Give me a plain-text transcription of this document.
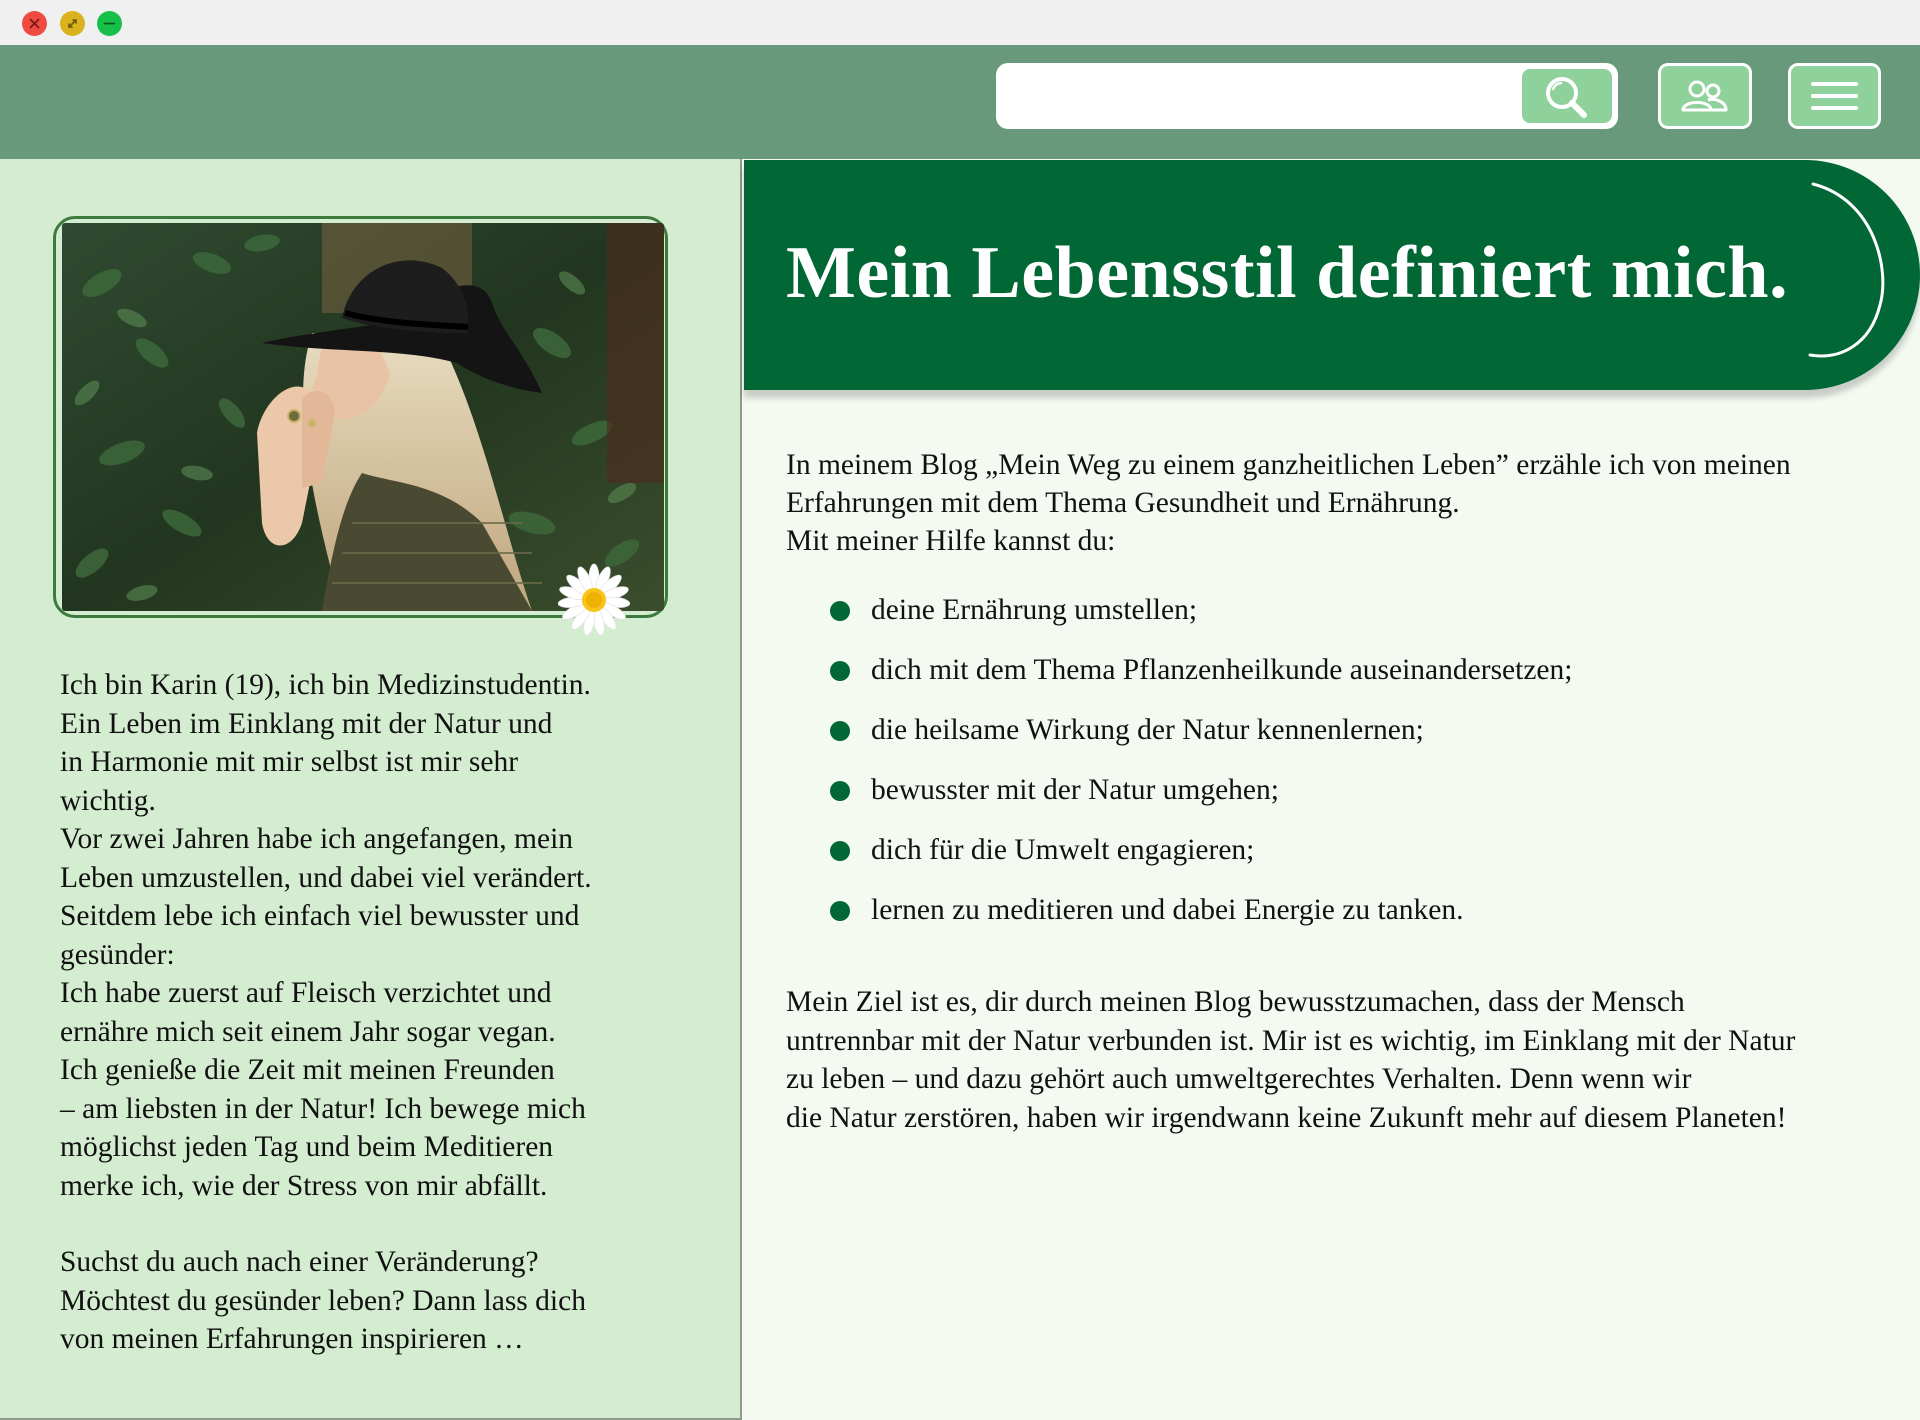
Ich bin Karin (19), ich bin Medizinstudentin.

Ein Leben im Einklang mit der Natur und

in Harmonie mit mir selbst ist mir sehr

wichtig.

Vor zwei Jahren habe ich angefangen, mein

Leben umzustellen, und dabei viel verändert.

Seitdem lebe ich einfach viel bewusster und

gesünder:

Ich habe zuerst auf Fleisch verzichtet und

ernähre mich seit einem Jahr sogar vegan.

Ich genieße die Zeit mit meinen Freunden

– am liebsten in der Natur! Ich bewege mich

möglichst jeden Tag und beim Meditieren

merke ich, wie der Stress von mir abfällt.

Suchst du auch nach einer Veränderung?

Möchtest du gesünder leben? Dann lass dich

von meinen Erfahrungen inspirieren …

Mein Lebensstil definiert mich.

In meinem Blog „Mein Weg zu einem ganzheitlichen Leben” erzähle ich von meinen

Erfahrungen mit dem Thema Gesundheit und Ernährung.

Mit meiner Hilfe kannst du:

deine Ernährung umstellen;
dich mit dem Thema Pflanzenheilkunde auseinandersetzen;
die heilsame Wirkung der Natur kennenlernen;
bewusster mit der Natur umgehen;
dich für die Umwelt engagieren;
lernen zu meditieren und dabei Energie zu tanken.

Mein Ziel ist es, dir durch meinen Blog bewusstzumachen, dass der Mensch

untrennbar mit der Natur verbunden ist. Mir ist es wichtig, im Einklang mit der Natur

zu leben – und dazu gehört auch umweltgerechtes Verhalten. Denn wenn wir

die Natur zerstören, haben wir irgendwann keine Zukunft mehr auf diesem Planeten!
